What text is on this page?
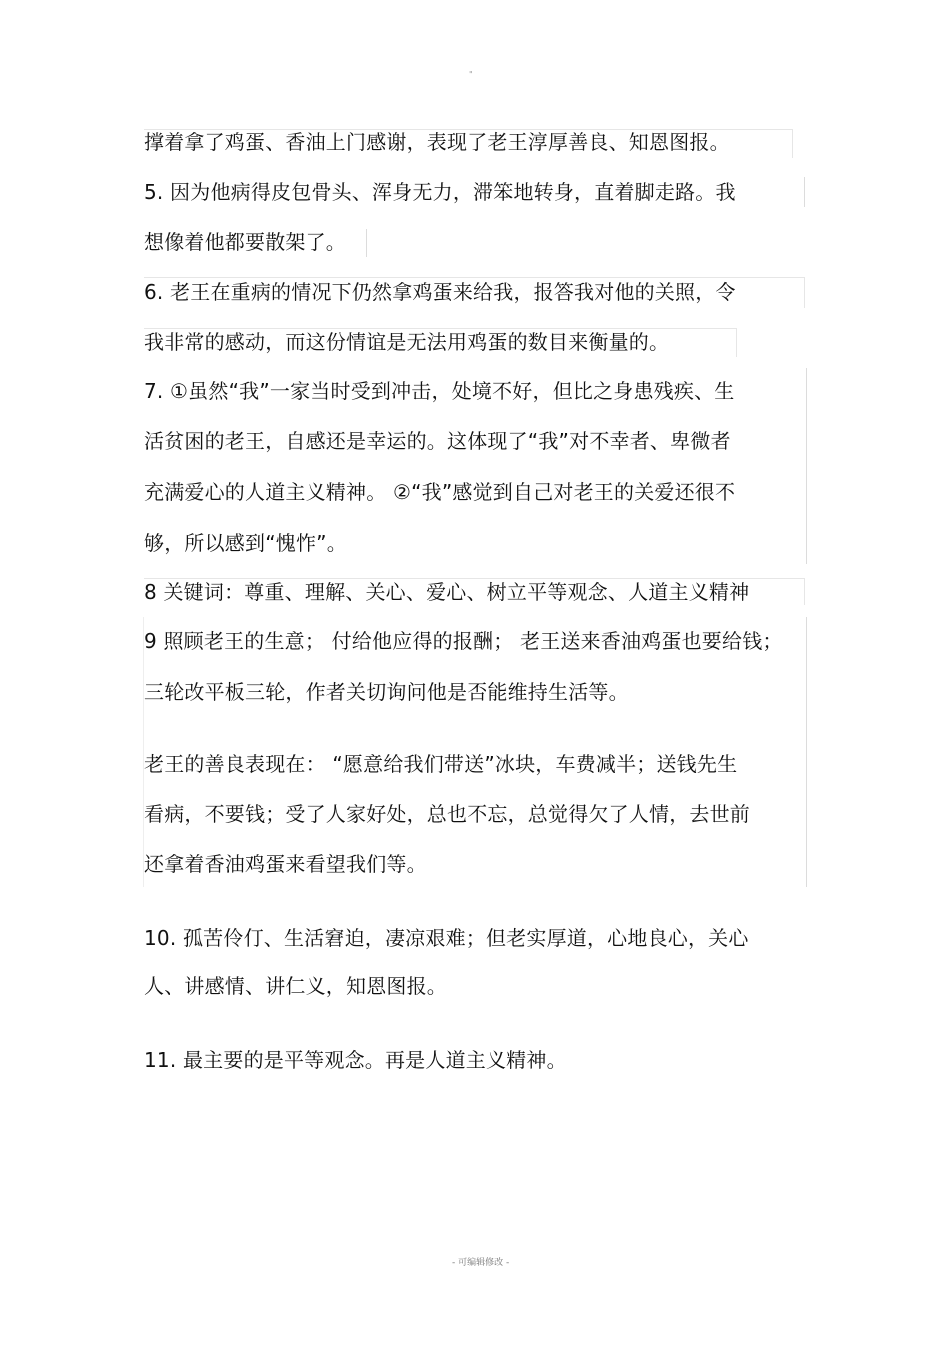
"
撑着拿了鸡蛋、香油上门感谢，表现了老王淳厚善良、知恩图报。
5. 因为他病得皮包骨头、浑身无力，滞笨地转身，直着脚走路。我
想像着他都要散架了。
6. 老王在重病的情况下仍然拿鸡蛋来给我，报答我对他的关照，令
我非常的感动，而这份情谊是无法用鸡蛋的数目来衡量的。
7. ①虽然“我”一家当时受到冲击，处境不好，但比之身患残疾、生
活贫困的老王，自感还是幸运的。这体现了“我”对不幸者、卑微者
充满爱心的人道主义精神。 ②“我”感觉到自己对老王的关爱还很不
够，所以感到“愧怍”。
8 关键词：尊重、理解、关心、爱心、树立平等观念、人道主义精神
9 照顾老王的生意； 付给他应得的报酬； 老王送来香油鸡蛋也要给钱；
三轮改平板三轮，作者关切询问他是否能维持生活等。
老王的善良表现在： “愿意给我们带送”冰块，车费减半；送钱先生
看病，不要钱；受了人家好处，总也不忘，总觉得欠了人情，去世前
还拿着香油鸡蛋来看望我们等。
10. 孤苦伶仃、生活窘迫，凄凉艰难；但老实厚道，心地良心，关心
人、讲感情、讲仁义，知恩图报。
11. 最主要的是平等观念。再是人道主义精神。
- 可编辑修改 -
